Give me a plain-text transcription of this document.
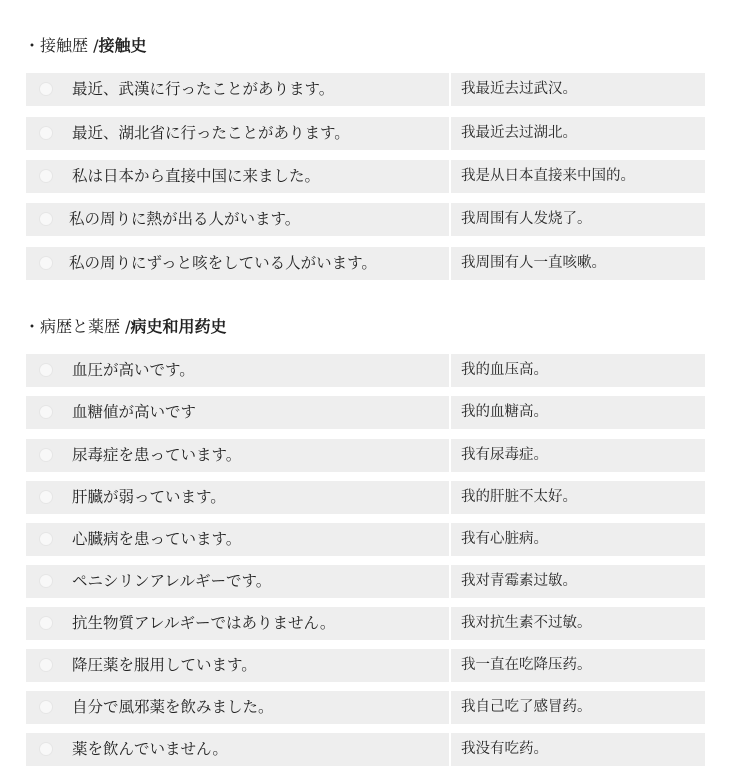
・接触歴 /接触史
最近、武漢に行ったことがあります。	我最近去过武汉。
最近、湖北省に行ったことがあります。	我最近去过湖北。
私は日本から直接中国に来ました。	我是从日本直接来中国的。
私の周りに熱が出る人がいます。	我周围有人发烧了。
私の周りにずっと咳をしている人がいます。	我周围有人一直咳嗽。
・病歴と薬歴 /病史和用药史
血圧が高いです。	我的血压高。
血糖値が高いです	我的血糖高。
尿毒症を患っています。	我有尿毒症。
肝臓が弱っています。	我的肝脏不太好。
心臓病を患っています。	我有心脏病。
ペニシリンアレルギーです。	我对青霉素过敏。
抗生物質アレルギーではありません。	我对抗生素不过敏。
降圧薬を服用しています。	我一直在吃降压药。
自分で風邪薬を飲みました。	我自己吃了感冒药。
薬を飲んでいません。	我没有吃药。
